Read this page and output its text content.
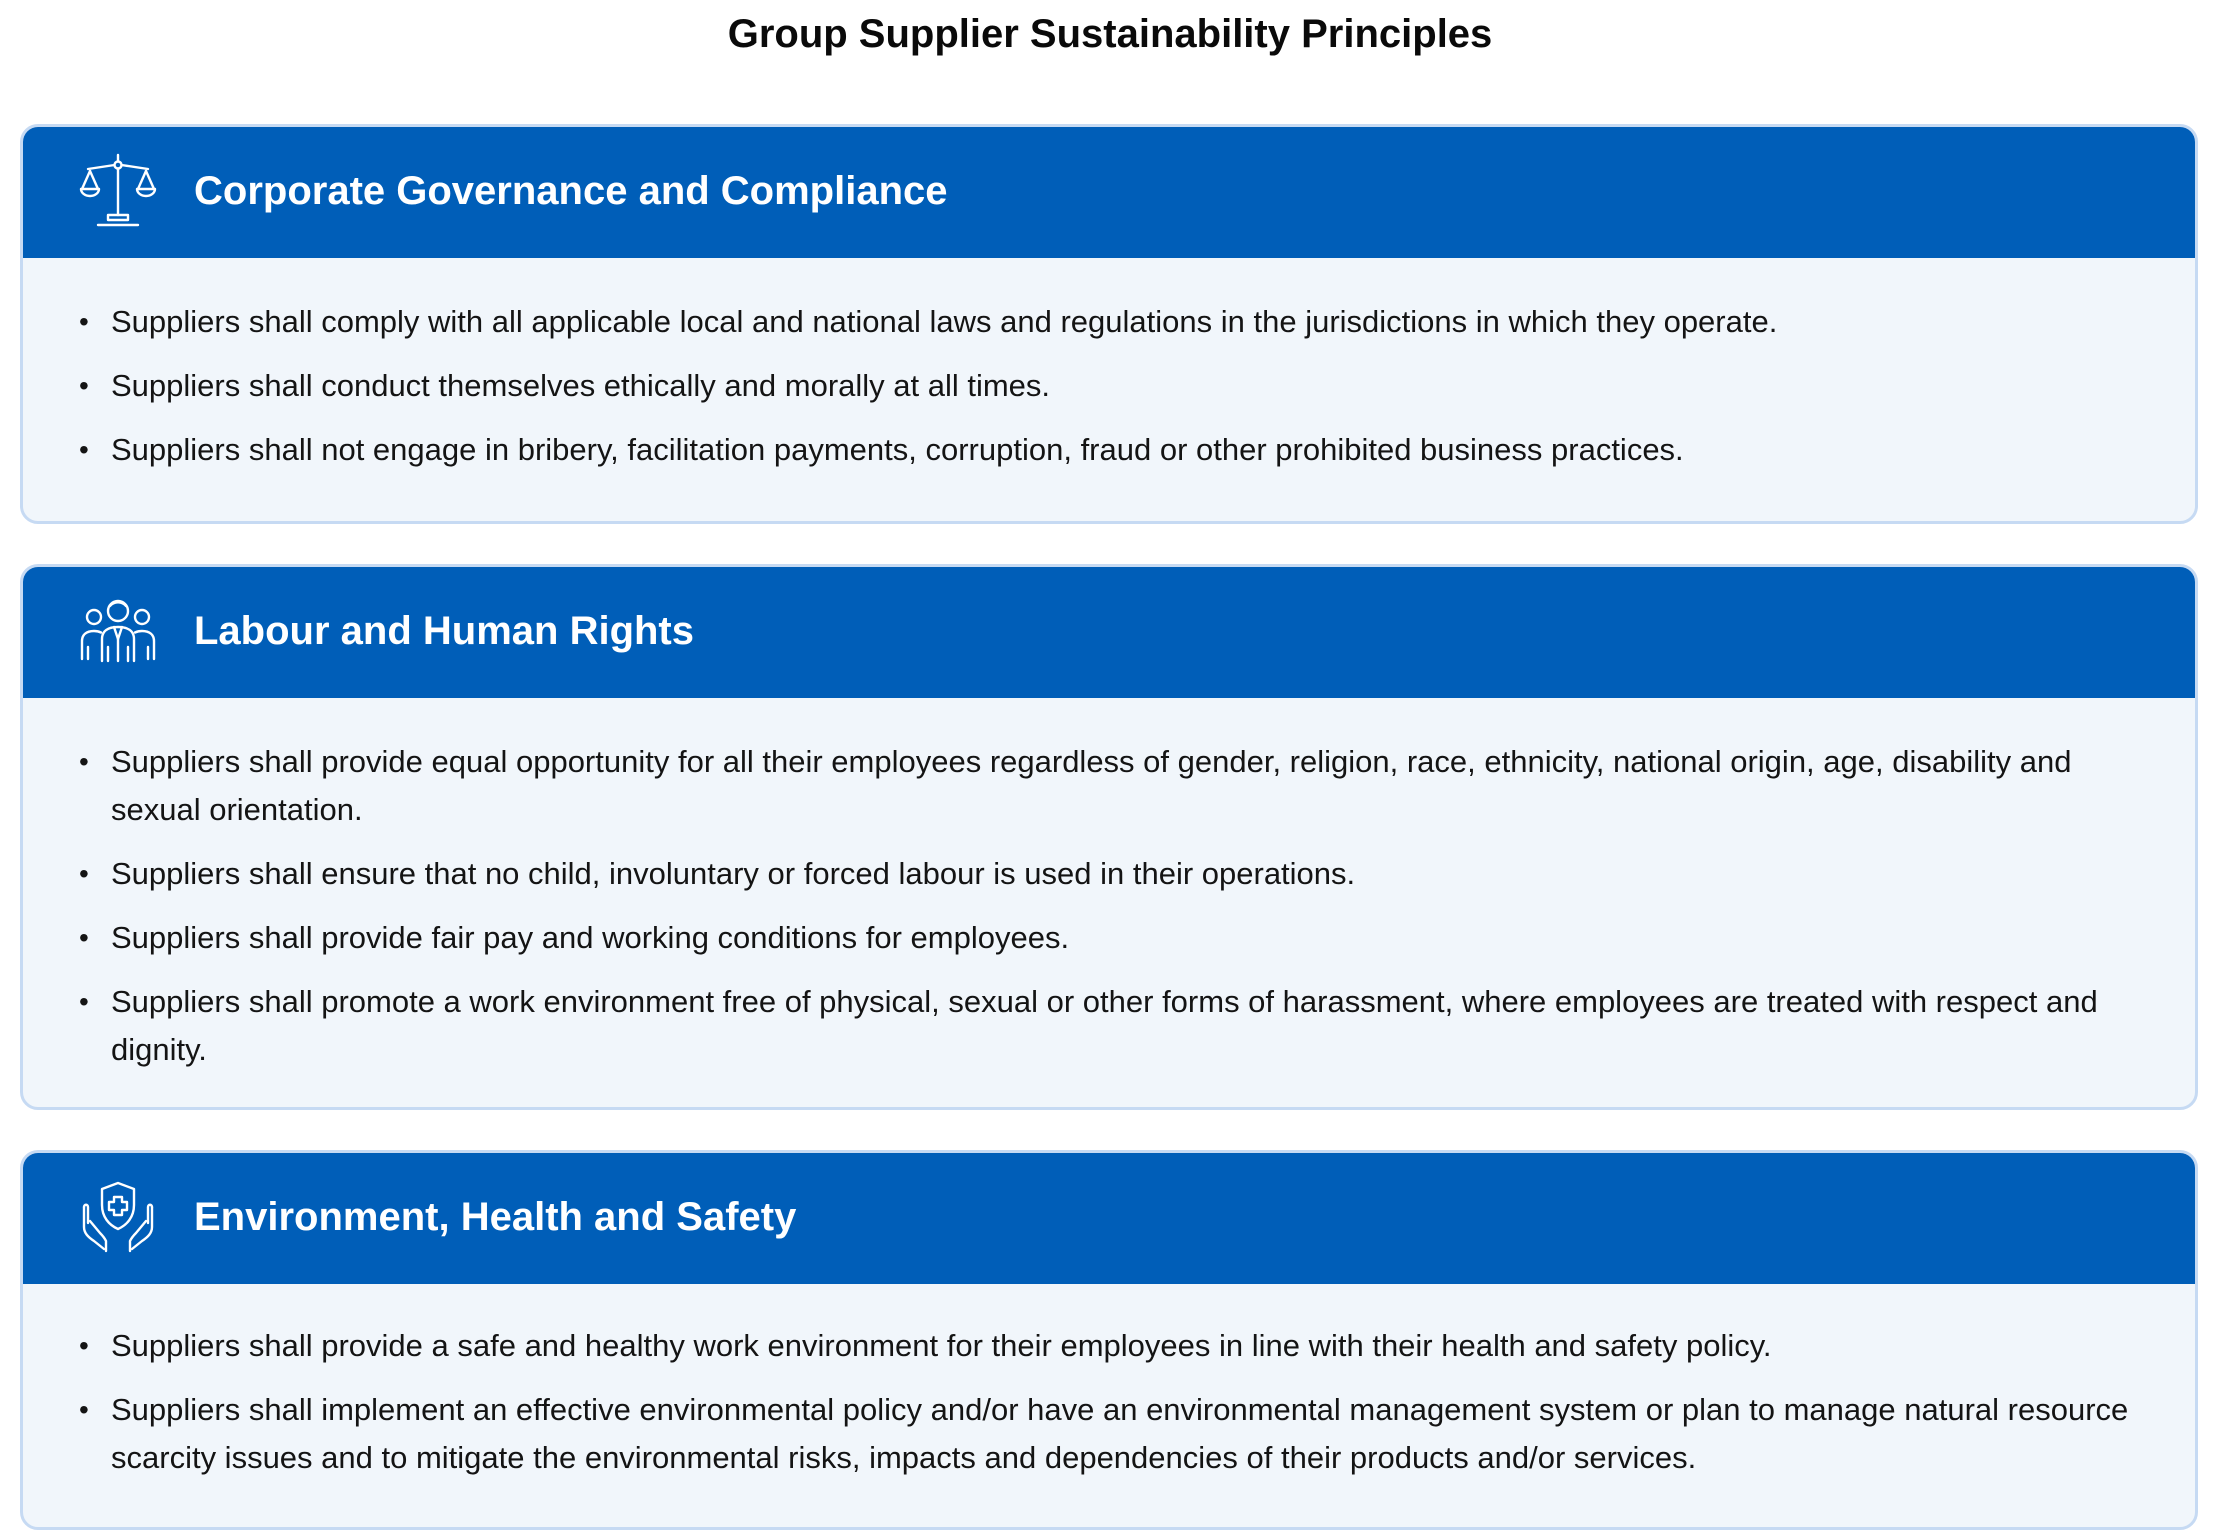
Group Supplier Sustainability Principles
Corporate Governance and Compliance
• Suppliers shall comply with all applicable local and national laws and regulations in the jurisdictions in which they operate.
• Suppliers shall conduct themselves ethically and morally at all times.
• Suppliers shall not engage in bribery, facilitation payments, corruption, fraud or other prohibited business practices.
Labour and Human Rights
• Suppliers shall provide equal opportunity for all their employees regardless of gender, religion, race, ethnicity, national origin, age, disability and sexual orientation.
• Suppliers shall ensure that no child, involuntary or forced labour is used in their operations.
• Suppliers shall provide fair pay and working conditions for employees.
• Suppliers shall promote a work environment free of physical, sexual or other forms of harassment, where employees are treated with respect and dignity.
Environment, Health and Safety
• Suppliers shall provide a safe and healthy work environment for their employees in line with their health and safety policy.
• Suppliers shall implement an effective environmental policy and/or have an environmental management system or plan to manage natural resource scarcity issues and to mitigate the environmental risks, impacts and dependencies of their products and/or services.
